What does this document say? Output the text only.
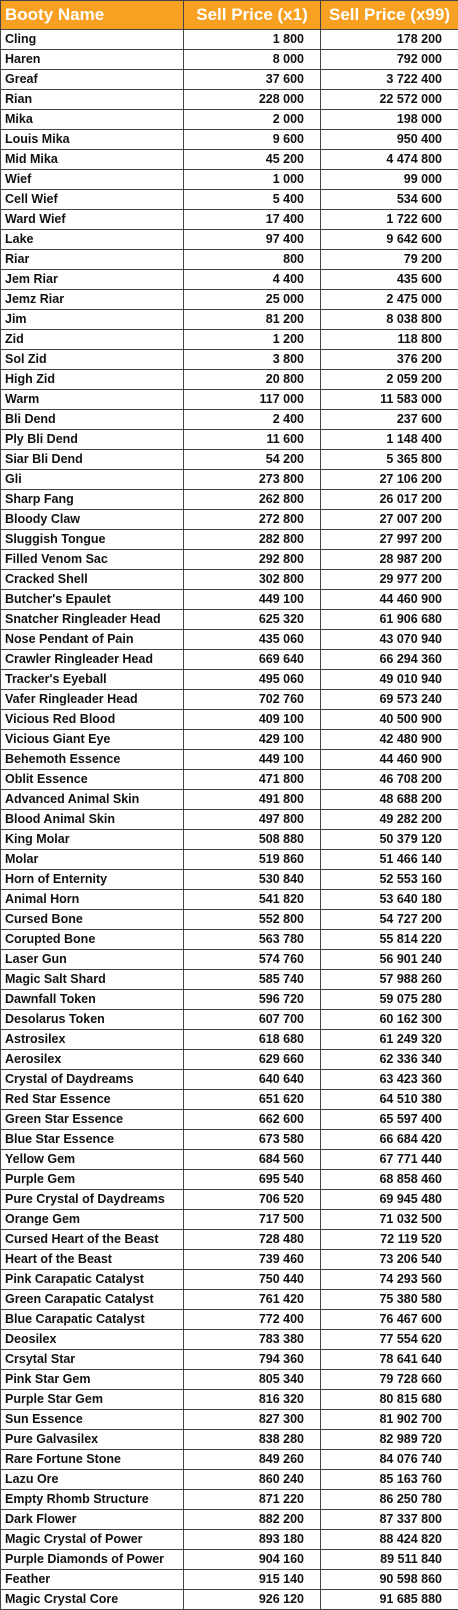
Booty Name	Sell Price (x1)	Sell Price (x99)
Cling	1 800	178 200
Haren	8 000	792 000
Greaf	37 600	3 722 400
Rian	228 000	22 572 000
Mika	2 000	198 000
Louis Mika	9 600	950 400
Mid Mika	45 200	4 474 800
Wief	1 000	99 000
Cell Wief	5 400	534 600
Ward Wief	17 400	1 722 600
Lake	97 400	9 642 600
Riar	800	79 200
Jem Riar	4 400	435 600
Jemz Riar	25 000	2 475 000
Jim	81 200	8 038 800
Zid	1 200	118 800
Sol Zid	3 800	376 200
High Zid	20 800	2 059 200
Warm	117 000	11 583 000
Bli Dend	2 400	237 600
Ply Bli Dend	11 600	1 148 400
Siar Bli Dend	54 200	5 365 800
Gli	273 800	27 106 200
Sharp Fang	262 800	26 017 200
Bloody Claw	272 800	27 007 200
Sluggish Tongue	282 800	27 997 200
Filled Venom Sac	292 800	28 987 200
Cracked Shell	302 800	29 977 200
Butcher's Epaulet	449 100	44 460 900
Snatcher Ringleader Head	625 320	61 906 680
Nose Pendant of Pain	435 060	43 070 940
Crawler Ringleader Head	669 640	66 294 360
Tracker's Eyeball	495 060	49 010 940
Vafer Ringleader Head	702 760	69 573 240
Vicious Red Blood	409 100	40 500 900
Vicious Giant Eye	429 100	42 480 900
Behemoth Essence	449 100	44 460 900
Oblit Essence	471 800	46 708 200
Advanced Animal Skin	491 800	48 688 200
Blood Animal Skin	497 800	49 282 200
King Molar	508 880	50 379 120
Molar	519 860	51 466 140
Horn of Enternity	530 840	52 553 160
Animal Horn	541 820	53 640 180
Cursed Bone	552 800	54 727 200
Corupted Bone	563 780	55 814 220
Laser Gun	574 760	56 901 240
Magic Salt Shard	585 740	57 988 260
Dawnfall Token	596 720	59 075 280
Desolarus Token	607 700	60 162 300
Astrosilex	618 680	61 249 320
Aerosilex	629 660	62 336 340
Crystal of Daydreams	640 640	63 423 360
Red Star Essence	651 620	64 510 380
Green Star Essence	662 600	65 597 400
Blue Star Essence	673 580	66 684 420
Yellow Gem	684 560	67 771 440
Purple Gem	695 540	68 858 460
Pure Crystal of Daydreams	706 520	69 945 480
Orange Gem	717 500	71 032 500
Cursed Heart of the Beast	728 480	72 119 520
Heart of the Beast	739 460	73 206 540
Pink Carapatic Catalyst	750 440	74 293 560
Green Carapatic Catalyst	761 420	75 380 580
Blue Carapatic Catalyst	772 400	76 467 600
Deosilex	783 380	77 554 620
Crsytal Star	794 360	78 641 640
Pink Star Gem	805 340	79 728 660
Purple Star Gem	816 320	80 815 680
Sun Essence	827 300	81 902 700
Pure Galvasilex	838 280	82 989 720
Rare Fortune Stone	849 260	84 076 740
Lazu Ore	860 240	85 163 760
Empty Rhomb Structure	871 220	86 250 780
Dark Flower	882 200	87 337 800
Magic Crystal of Power	893 180	88 424 820
Purple Diamonds of Power	904 160	89 511 840
Feather	915 140	90 598 860
Magic Crystal Core	926 120	91 685 880
